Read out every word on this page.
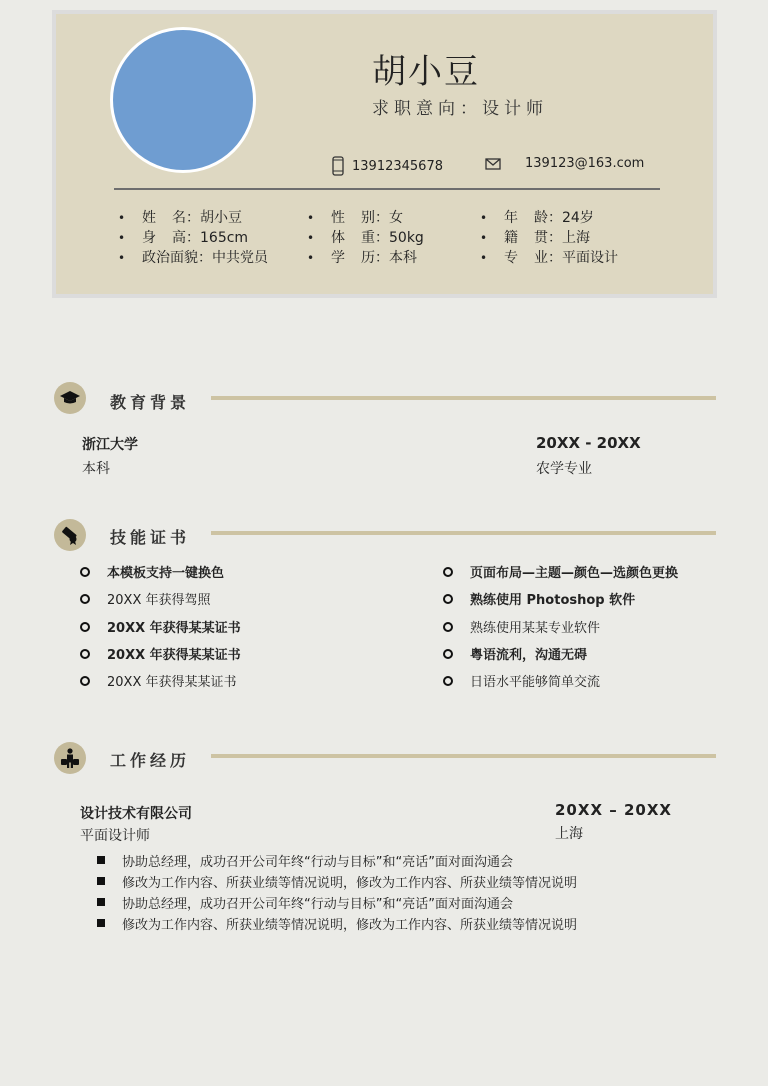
胡小豆
求职意向：设计师
13912345678	139123@163.com
• 姓名：胡小豆
• 身高：165cm
• 政治面貌：中共党员
• 性别：女
• 体重：50kg
• 学历：本科
• 年龄：24岁
• 籍贯：上海
• 专业：平面设计
教育背景
浙江大学
本科
20XX - 20XX
农学专业
技能证书
本模板支持一键换色
20XX 年获得驾照
20XX 年获得某某证书
20XX 年获得某某证书
20XX 年获得某某证书
页面布局—主题—颜色—选颜色更换
熟练使用 Photoshop 软件
熟练使用某某专业软件
粤语流利，沟通无碍
日语水平能够简单交流
工作经历
设计技术有限公司
平面设计师
20XX – 20XX
上海
协助总经理，成功召开公司年终“行动与目标”和“亮话”面对面沟通会
修改为工作内容、所获业绩等情况说明，修改为工作内容、所获业绩等情况说明
协助总经理，成功召开公司年终“行动与目标”和“亮话”面对面沟通会
修改为工作内容、所获业绩等情况说明，修改为工作内容、所获业绩等情况说明
